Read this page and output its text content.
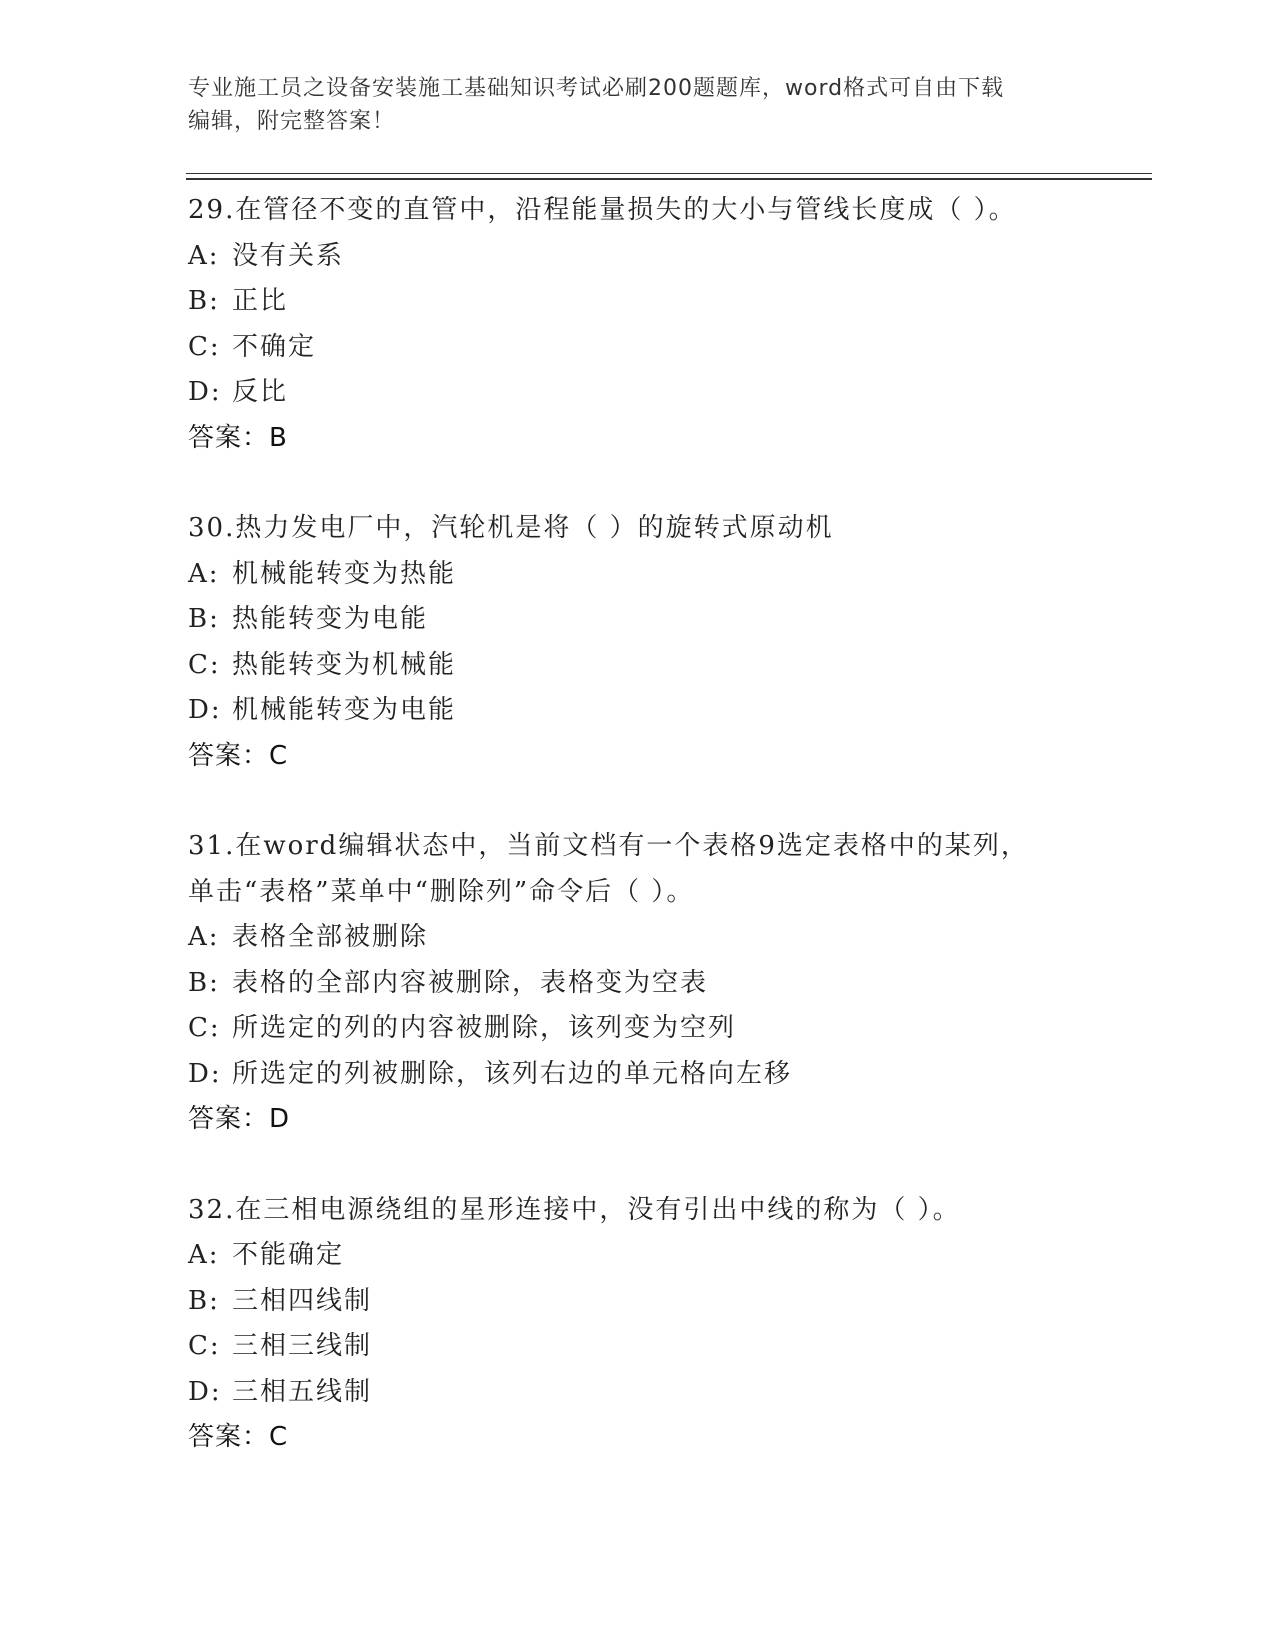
专业施工员之设备安装施工基础知识考试必刷200题题库，word格式可自由下载
编辑，附完整答案！
29.在管径不变的直管中，沿程能量损失的大小与管线长度成（ ）。
A: 没有关系
B: 正比
C: 不确定
D: 反比
答案：B
30.热力发电厂中，汽轮机是将（ ）的旋转式原动机
A: 机械能转变为热能
B: 热能转变为电能
C: 热能转变为机械能
D: 机械能转变为电能
答案：C
31.在word编辑状态中，当前文档有一个表格9选定表格中的某列，
单击“表格”菜单中“删除列”命令后（ ）。
A: 表格全部被删除
B: 表格的全部内容被删除，表格变为空表
C: 所选定的列的内容被删除，该列变为空列
D: 所选定的列被删除，该列右边的单元格向左移
答案：D
32.在三相电源绕组的星形连接中，没有引出中线的称为（ ）。
A: 不能确定
B: 三相四线制
C: 三相三线制
D: 三相五线制
答案：C
